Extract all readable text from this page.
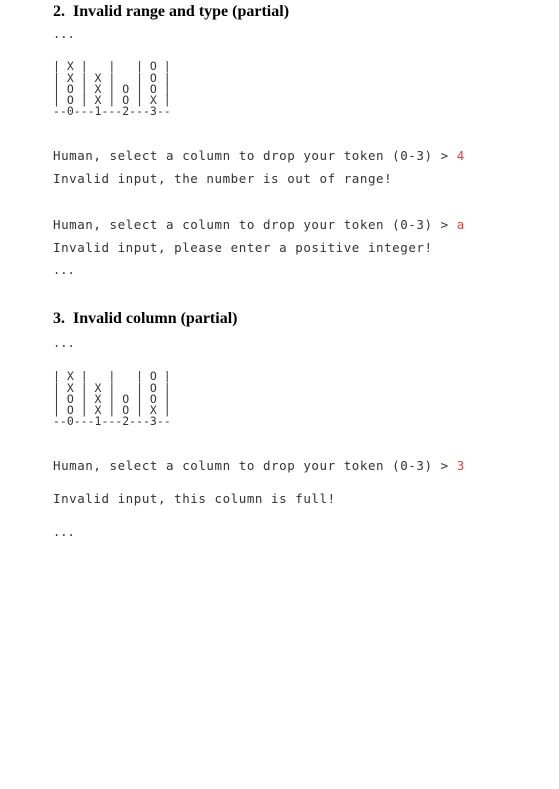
2.  Invalid range and type (partial)
...

| X |   |   | O |
| X | X |   | O |
| O | X | O | O |
| O | X | O | X |
--0---1---2---3--

Human, select a column to drop your token (0-3) > 4
Invalid input, the number is out of range!
Human, select a column to drop your token (0-3) > a
Invalid input, please enter a positive integer!
...
3.  Invalid column (partial)
...

| X |   |   | O |
| X | X |   | O |
| O | X | O | O |
| O | X | O | X |
--0---1---2---3--

Human, select a column to drop your token (0-3) > 3
Invalid input, this column is full!
...
